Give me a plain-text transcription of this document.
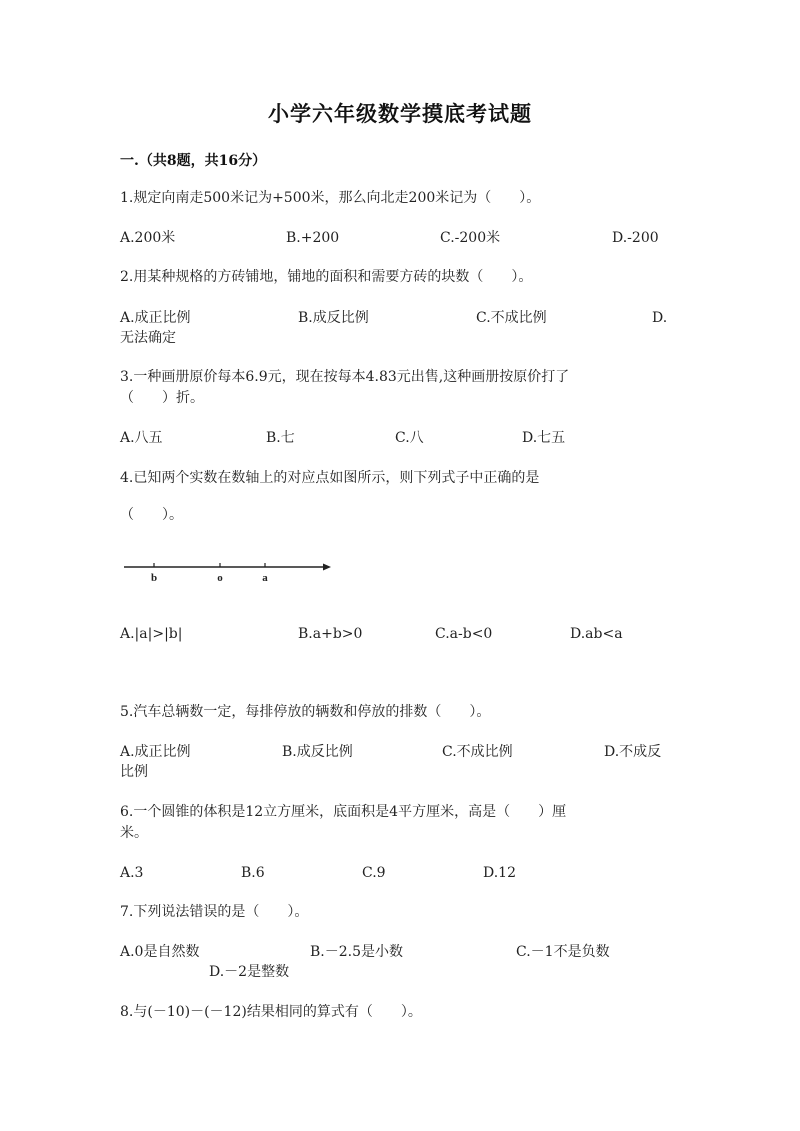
小学六年级数学摸底考试题
一.（共8题，共16分）
1.规定向南走500米记为+500米，那么向北走200米记为（　　）。
A.200米	B.+200	C.-200米	D.-200
2.用某种规格的方砖铺地，铺地的面积和需要方砖的块数（　　）。
A.成正比例	B.成反比例	C.不成比例	D.
无法确定
3.一种画册原价每本6.9元，现在按每本4.83元出售,这种画册按原价打了
（　　）折。
A.八五	B.七	C.八	D.七五
4.已知两个实数在数轴上的对应点如图所示，则下列式子中正确的是
（　　）。
b	o	a
A.|a|>|b|	B.a+b>0	C.a-b<0	D.ab<a
5.汽车总辆数一定，每排停放的辆数和停放的排数（　　）。
A.成正比例	B.成反比例	C.不成比例	D.不成反
比例
6.一个圆锥的体积是12立方厘米，底面积是4平方厘米，高是（　　）厘
米。
A.3	B.6	C.9	D.12
7.下列说法错误的是（　　）。
A.0是自然数	B.－2.5是小数	C.－1不是负数
D.－2是整数
8.与(－10)－(－12)结果相同的算式有（　　）。
